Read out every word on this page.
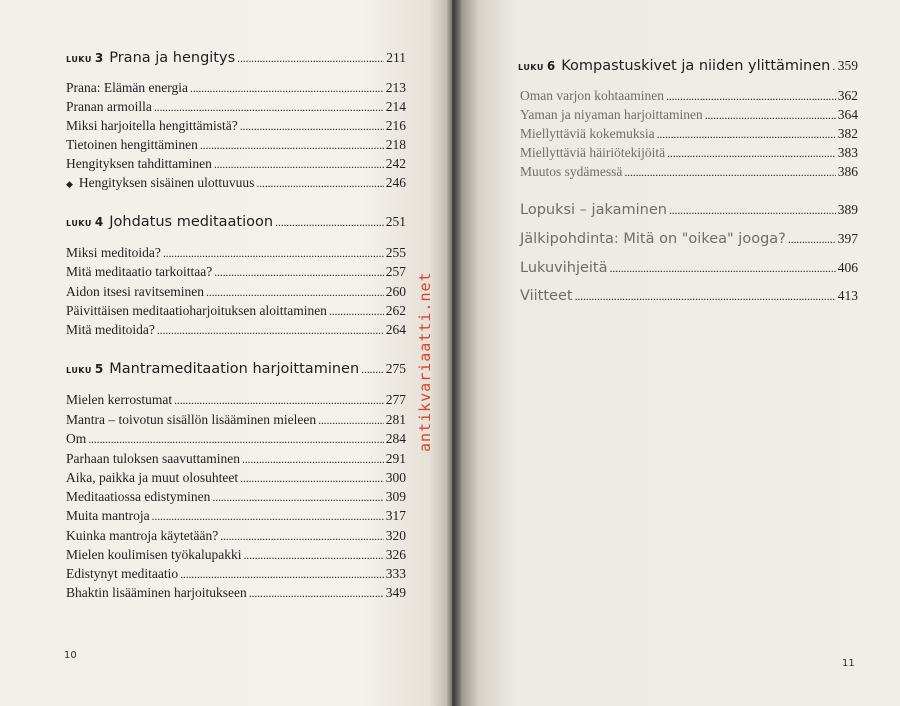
LUKU 3 Prana ja hengitys . . .	211
Prana: Elämän energia . . .	213
Pranan armoilla . . .	214
Miksi harjoitella hengittämistä? . . .	216
Tietoinen hengittäminen . . .	218
Hengityksen tahdittaminen . . .	242
◆ Hengityksen sisäinen ulottuvuus . . .	246
LUKU 4 Johdatus meditaatioon . . .	251
Miksi meditoida? . . .	255
Mitä meditaatio tarkoittaa? . . .	257
Aidon itsesi ravitseminen . . .	260
Päivittäisen meditaatioharjoituksen aloittaminen . . .	262
Mitä meditoida? . . .	264
LUKU 5 Mantrameditaation harjoittaminen . . . 275
Mielen kerrostumat . . .	277
Mantra – toivotun sisällön lisääminen mieleen . . .	281
Om . . .	284
Parhaan tuloksen saavuttaminen . . .	291
Aika, paikka ja muut olosuhteet . . .	300
Meditaatiossa edistyminen . . .	309
Muita mantroja . . .	317
Kuinka mantroja käytetään? . . .	320
Mielen koulimisen työkalupakki . . .	326
Edistynyt meditaatio . . .	333
Bhaktin lisääminen harjoitukseen . . .	349
10
antikvariaatti.net
LUKU 6 Kompastuskivet ja niiden ylittäminen . . . 359
Oman varjon kohtaaminen . . .	362
Yaman ja niyaman harjoittaminen . . .	364
Miellyttäviä kokemuksia . . .	382
Miellyttäviä häiriötekijöitä . . .	383
Muutos sydämessä . . .	386
Lopuksi – jakaminen . . .	389
Jälkipohdinta: Mitä on "oikea" jooga? . . .	397
Lukuvihjeitä . . .	406
Viitteet . . .	413
11
